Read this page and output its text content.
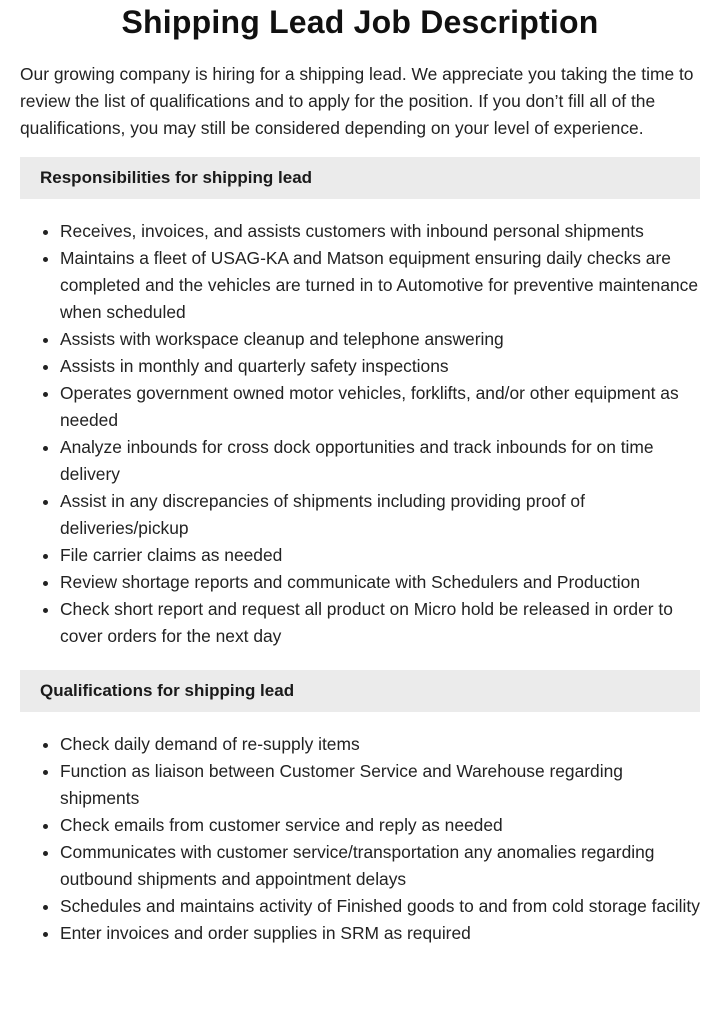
Shipping Lead Job Description

Our growing company is hiring for a shipping lead. We appreciate you taking the time to review the list of qualifications and to apply for the position. If you don’t fill all of the qualifications, you may still be considered depending on your level of experience.

Responsibilities for shipping lead
• Receives, invoices, and assists customers with inbound personal shipments
• Maintains a fleet of USAG-KA and Matson equipment ensuring daily checks are completed and the vehicles are turned in to Automotive for preventive maintenance when scheduled
• Assists with workspace cleanup and telephone answering
• Assists in monthly and quarterly safety inspections
• Operates government owned motor vehicles, forklifts, and/or other equipment as needed
• Analyze inbounds for cross dock opportunities and track inbounds for on time delivery
• Assist in any discrepancies of shipments including providing proof of deliveries/pickup
• File carrier claims as needed
• Review shortage reports and communicate with Schedulers and Production
• Check short report and request all product on Micro hold be released in order to cover orders for the next day
Qualifications for shipping lead
• Check daily demand of re-supply items
• Function as liaison between Customer Service and Warehouse regarding shipments
• Check emails from customer service and reply as needed
• Communicates with customer service/transportation any anomalies regarding outbound shipments and appointment delays
• Schedules and maintains activity of Finished goods to and from cold storage facility
• Enter invoices and order supplies in SRM as required
